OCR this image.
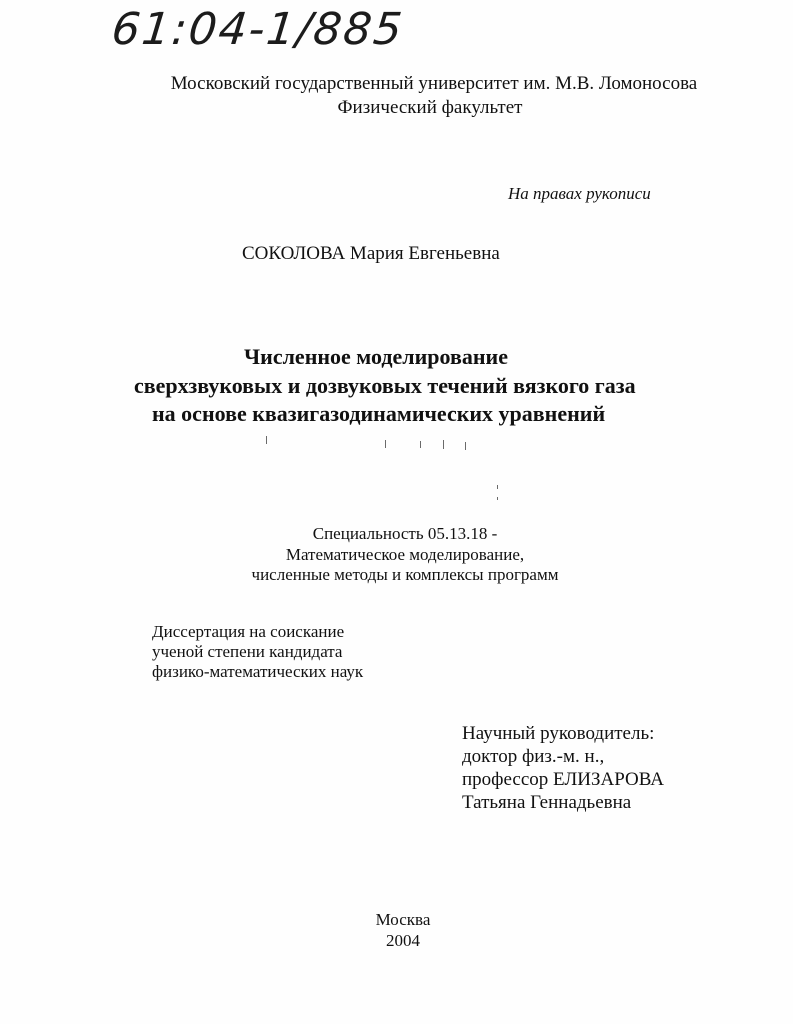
61:04-1/885
Московский государственный университет им. М.В. Ломоносова
Физический факультет
На правах рукописи
СОКОЛОВА Мария Евгеньевна
Численное моделирование
сверхзвуковых и дозвуковых течений вязкого газа
на основе квазигазодинамических уравнений
Специальность 05.13.18 -
Математическое моделирование,
численные методы и комплексы программ
Диссертация на соискание
ученой степени кандидата
физико-математических наук
Научный руководитель:
доктор физ.-м. н.,
профессор ЕЛИЗАРОВА
Татьяна Геннадьевна
Москва
2004
